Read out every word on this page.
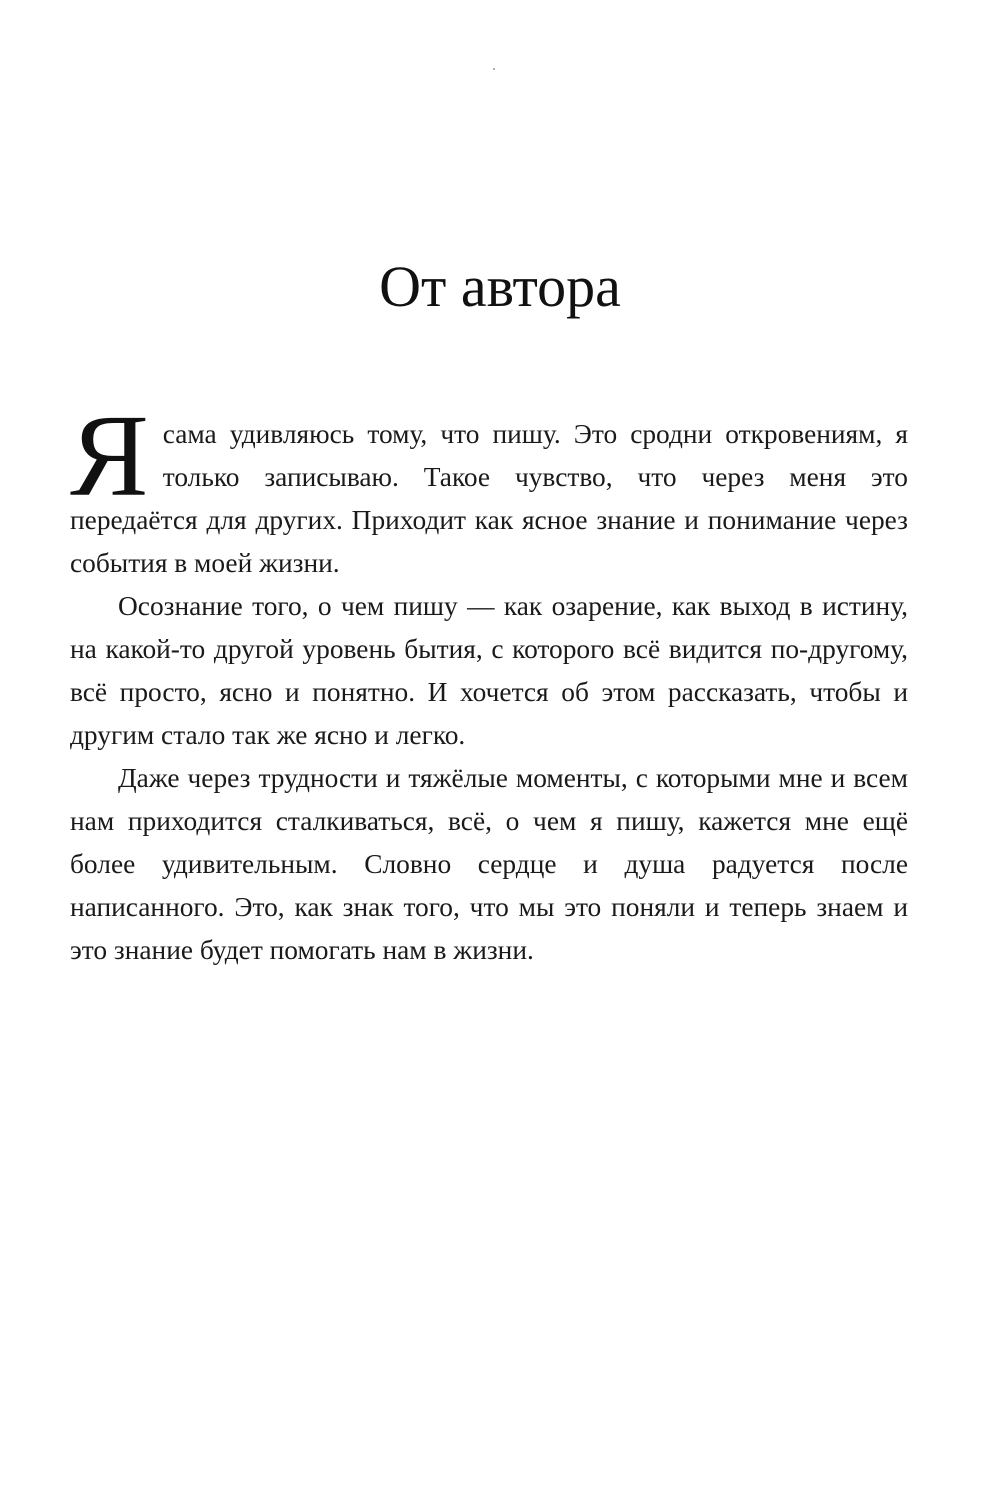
От автора

Ясама удивляюсь тому, что пишу. Это сродни откровениям, я только записываю. Такое чувство, что через меня это передаётся для других. Приходит как ясное знание и понимание через события в моей жизни.

Осознание того, о чем пишу — как озарение, как выход в истину, на какой-то другой уровень бытия, с которого всё видится по-другому, всё просто, ясно и понятно. И хочется об этом рассказать, чтобы и другим стало так же ясно и легко.

Даже через трудности и тяжёлые моменты, с которыми мне и всем нам приходится сталкиваться, всё, о чем я пишу, кажется мне ещё более удивительным. Словно сердце и душа радуется после написанного. Это, как знак того, что мы это поняли и теперь знаем и это знание будет помогать нам в жизни.
